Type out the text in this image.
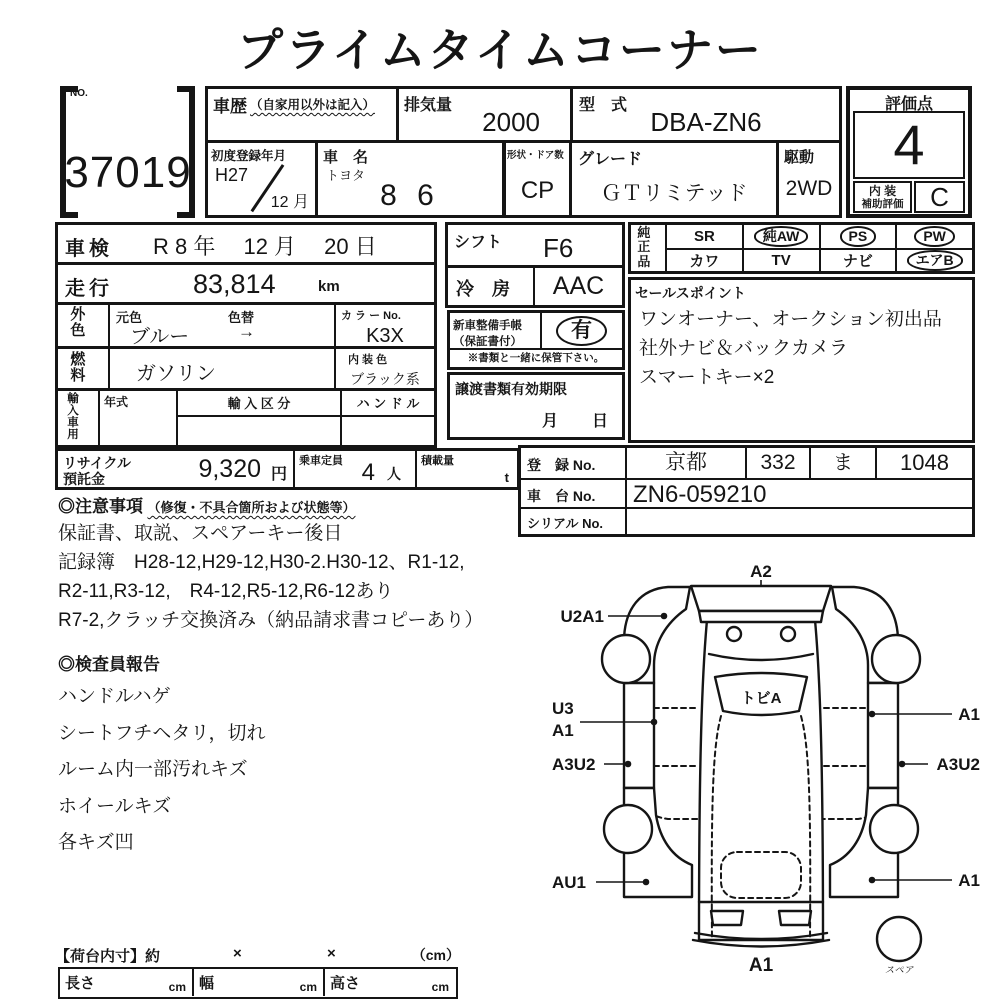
プライムタイムコーナー
NO.
37019
車歴 （自家用以外は記入） 排気量
2000
型　式
DBA-ZN6
初度登録年月
H27
12 月
車　名
トヨタ
8 6
形状・ドア数
CP
グレード
ＧＴリミテッド
駆動
2WD
評価点
4
内 装
補助評価	C
車検 R 8 年　 12 月　 20 日
走行	83,814	km
外色
元色	色替
ブルー	→
カ ラ ー No.
K3X
燃料	ガソリン
内 装 色
ブラック系
輸入車用
年式	輸 入 区 分	ハ ン ド ル
リサイクル
預託金	9,320 円
乗車定員 4 人
積載量
t
シフト F6
冷　房	AAC
新車整備手帳
（保証書付）	有
※書類と一緒に保管下さい。
譲渡書類有効期限
月 日
純正品
SR	純AW	PS	PW
カワ	TV	ナビ	エアB
セールスポイント
ワンオーナー、オークション初出品
社外ナビ＆バックカメラ
スマートキー×2
登　録 No.	京都	332	ま	1048
車　台 No. ZN6-059210
シリアル No.
◎注意事項 （修復・不具合箇所および状態等）
保証書、取説、スペアーキー後日
記録簿　H28-12,H29-12,H30-2.H30-12、R1-12,
R2-11,R3-12,　R4-12,R5-12,R6-12あり
R7-2,クラッチ交換済み（納品請求書コピーあり）
◎検査員報告
ハンドルハゲ
シートフチヘタリ，切れ
ルーム内一部汚れキズ
ホイールキズ
各キズ凹
【荷台内寸】約	×	×	（cm）
長さ	cm 幅	cm 高さ	cm
A2
トビA
A1	スペア
U2A1
U3
A1
A3U2
A1
A3U2
AU1	A1
